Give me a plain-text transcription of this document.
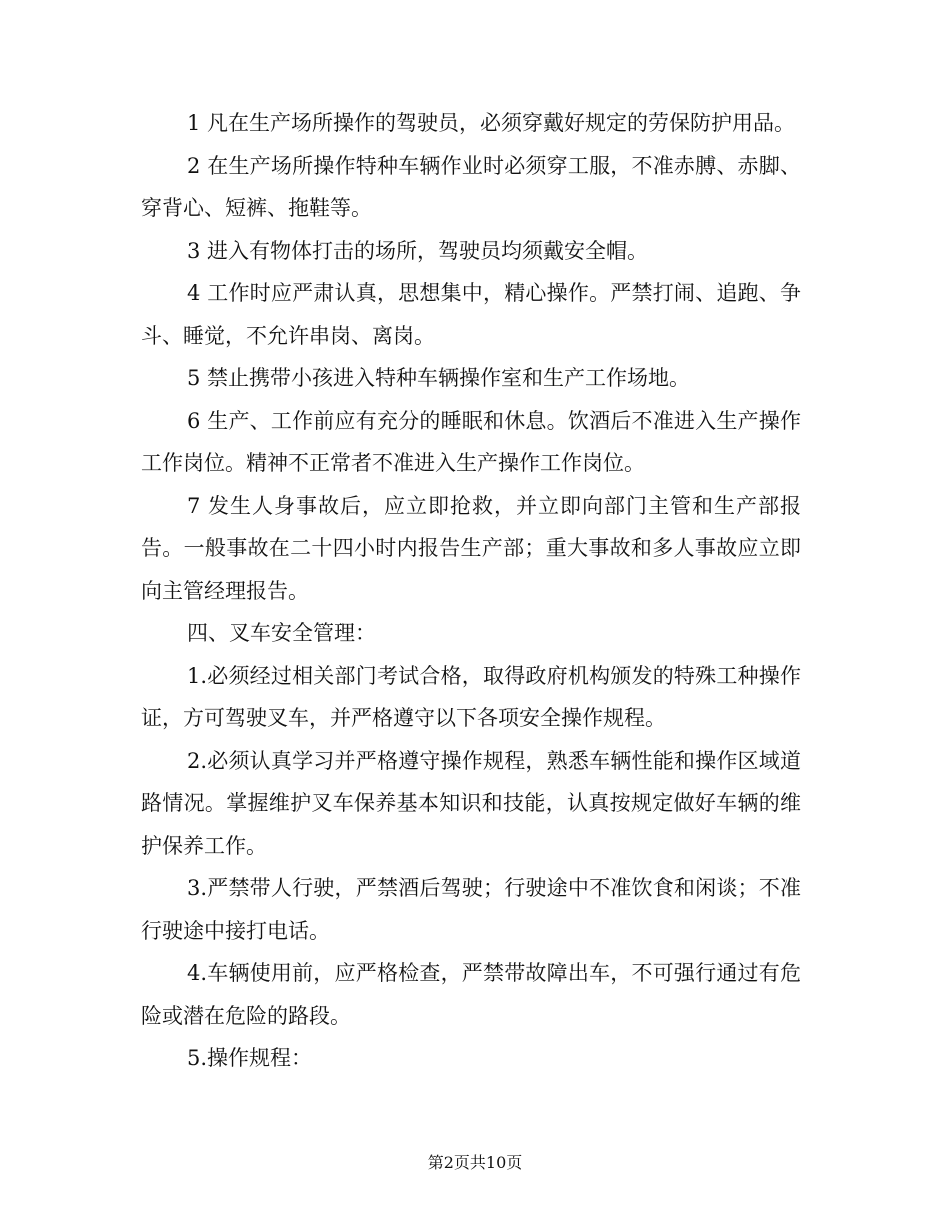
1 凡在生产场所操作的驾驶员，必须穿戴好规定的劳保防护用品。

2 在生产场所操作特种车辆作业时必须穿工服，不准赤膊、赤脚、穿背心、短裤、拖鞋等。

3 进入有物体打击的场所，驾驶员均须戴安全帽。

4 工作时应严肃认真，思想集中，精心操作。严禁打闹、追跑、争斗、睡觉，不允许串岗、离岗。

5 禁止携带小孩进入特种车辆操作室和生产工作场地。

6 生产、工作前应有充分的睡眠和休息。饮酒后不准进入生产操作工作岗位。精神不正常者不准进入生产操作工作岗位。

7 发生人身事故后，应立即抢救，并立即向部门主管和生产部报告。一般事故在二十四小时内报告生产部；重大事故和多人事故应立即向主管经理报告。

四、叉车安全管理：

1.必须经过相关部门考试合格，取得政府机构颁发的特殊工种操作证，方可驾驶叉车，并严格遵守以下各项安全操作规程。

2.必须认真学习并严格遵守操作规程，熟悉车辆性能和操作区域道路情况。掌握维护叉车保养基本知识和技能，认真按规定做好车辆的维护保养工作。

3.严禁带人行驶，严禁酒后驾驶；行驶途中不准饮食和闲谈；不准行驶途中接打电话。

4.车辆使用前，应严格检查，严禁带故障出车，不可强行通过有危险或潜在危险的路段。

5.操作规程：

第2页共10页
